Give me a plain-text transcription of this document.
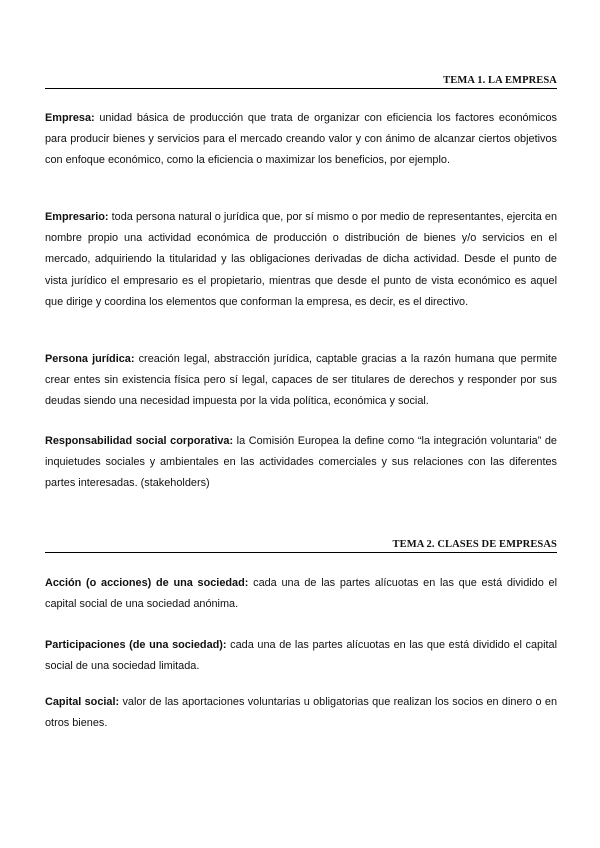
TEMA 1. LA EMPRESA

Empresa: unidad básica de producción que trata de organizar con eficiencia los factores económicos para producir bienes y servicios para el mercado creando valor y con ánimo de alcanzar ciertos objetivos con enfoque económico, como la eficiencia o maximizar los beneficios, por ejemplo.

Empresario: toda persona natural o jurídica que, por sí mismo o por medio de representantes, ejercita en nombre propio una actividad económica de producción o distribución de bienes y/o servicios en el mercado, adquiriendo la titularidad y las obligaciones derivadas de dicha actividad. Desde el punto de vista jurídico el empresario es el propietario, mientras que desde el punto de vista económico es aquel que dirige y coordina los elementos que conforman la empresa, es decir, es el directivo.

Persona jurídica: creación legal, abstracción jurídica, captable gracias a la razón humana que permite crear entes sin existencia física pero sí legal, capaces de ser titulares de derechos y responder por sus deudas siendo una necesidad impuesta por la vida política, económica y social.

Responsabilidad social corporativa: la Comisión Europea la define como “la integración voluntaria” de inquietudes sociales y ambientales en las actividades comerciales y sus relaciones con las diferentes partes interesadas. (stakeholders)

TEMA 2. CLASES DE EMPRESAS

Acción (o acciones) de una sociedad: cada una de las partes alícuotas en las que está dividido el capital social de una sociedad anónima.

Participaciones (de una sociedad): cada una de las partes alícuotas en las que está dividido el capital social de una sociedad limitada.

Capital social: valor de las aportaciones voluntarias u obligatorias que realizan los socios en dinero o en otros bienes.
